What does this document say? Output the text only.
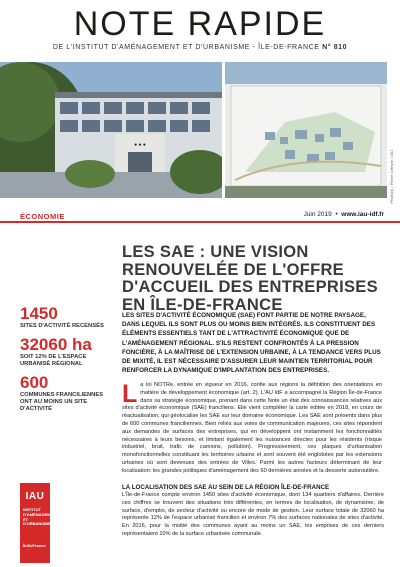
NOTE RAPIDE
DE L'INSTITUT D'AMÉNAGEMENT ET D'URBANISME - ÎLE-DE-FRANCE N° 810
● ● ●
Photo(s) : Pierre Lefèvre / IAU
ÉCONOMIE	Juin 2019  •  www.iau-idf.fr
LES SAE : UNE VISION RENOUVELÉE DE L'OFFRE D'ACCUEIL DES ENTREPRISES EN ÎLE-DE-FRANCE
1450
SITES D'ACTIVITÉ RECENSÉS
32060 ha
SOIT 12% DE L'ESPACE URBANISÉ RÉGIONAL
600
COMMUNES FRANCILIENNES ONT AU MOINS UN SITE D'ACTIVITÉ

LES SITES D'ACTIVITÉ ÉCONOMIQUE (SAE) FONT PARTIE DE NOTRE PAYSAGE, DANS LEQUEL ILS SONT PLUS OU MOINS BIEN INTÉGRÉS. ILS CONSTITUENT DES ÉLÉMENTS ESSENTIELS TANT DE L'ATTRACTIVITÉ ÉCONOMIQUE QUE DE L'AMÉNAGEMENT RÉGIONAL. S'ILS RESTENT CONFRONTÉS À LA PRESSION FONCIÈRE, À LA MAÎTRISE DE L'EXTENSION URBAINE, À LA TENDANCE VERS PLUS DE MIXITÉ, IL EST NÉCESSAIRE D'ASSURER LEUR MAINTIEN TERRITORIAL POUR RENFORCER LA DYNAMIQUE D'IMPLANTATION DES ENTREPRISES.

La loi NOTRe, entrée en vigueur en 2016, confie aux régions la définition des orientations en matière de développement économique (art. 2). L'AU IdF a accompagné la Région Île-de-France dans sa stratégie économique, prenant dans cette Note un état des connaissances relatives aux sites d'activité économique (SAE) franciliens. Elle vient compléter la carte éditée en 2018, en cours de réactualisation, qui géolocalise les SAE sur leur domaine économique. Les SAE sont présents dans plus de 600 communes franciliennes. Bien reliés aux voies de communication majeures, ces sites répondent aux demandes de surfaces des entreprises, qui en développent ont instamment les fonctionnalités nécessaires à leurs besoins, et limitant également les nuisances directes pour les résidents (risque industriel, bruit, trafic de camions, pollution). Progressivement, ces plaques d'urbanisation monofonctionnelles constituant les territoires urbains et sont souvent été englobées par les extensions urbaines où sont devenues des entrées de Villes. Parmi les autres facteurs déterminant de leur localisation: les grandes politiques d'aménagement des 60 dernières années et la desserte autoroutière.
LA LOCALISATION DES SAE AU SEIN DE LA RÉGION ÎLE-DE-FRANCE

L'Île-de-France compte environ 1450 sites d'activité économique, dont 134 quartiers d'affaires. Derrière ces chiffres se trouvent des situations très différentes, en termes de localisation, de dynamisme, de surface, d'emploi, de secteur d'activité ou encore de mode de gestion. Leur surface totale de 32060 ha représente 12% de l'espace urbanisé francilien et environ 7% des surfaces nationales de sites d'activité. En 2016, pour la moitié des communes ayant au moins un SAE, les emprises de ces derniers représentaient 10% de la surface urbanisée communale.

IAU
INSTITUT D'AMÉNAGEMENT ET D'URBANISME
ÎleDeFrance
